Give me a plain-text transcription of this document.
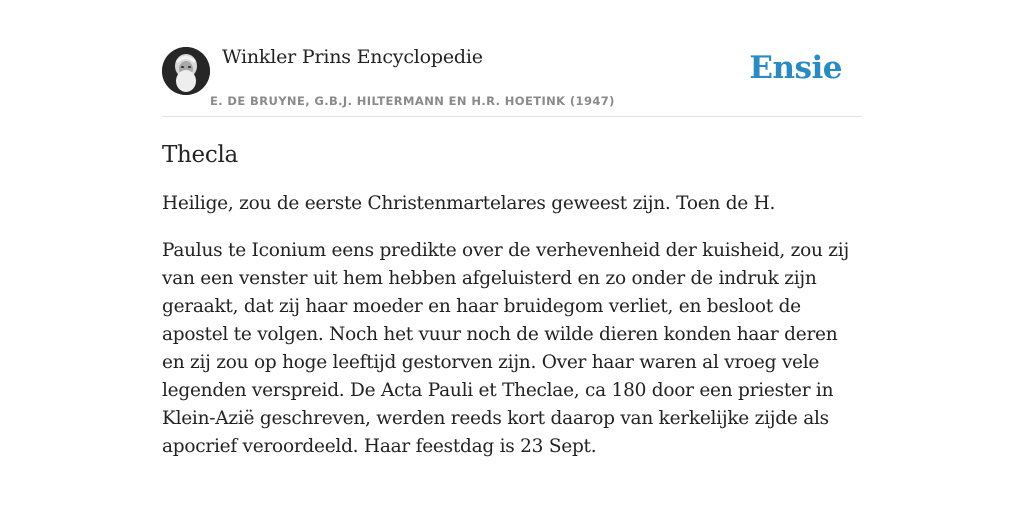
Winkler Prins Encyclopedie
E. DE BRUYNE, G.B.J. HILTERMANN EN H.R. HOETINK (1947)
Ensie
Thecla

Heilige, zou de eerste Christenmartelares geweest zijn. Toen de H.

Paulus te Iconium eens predikte over de verhevenheid der kuisheid, zou zij van een venster uit hem hebben afgeluisterd en zo onder de indruk zijn geraakt, dat zij haar moeder en haar bruidegom verliet, en besloot de apostel te volgen. Noch het vuur noch de wilde dieren konden haar deren en zij zou op hoge leeftijd gestorven zijn. Over haar waren al vroeg vele legenden verspreid. De Acta Pauli et Theclae, ca 180 door een priester in Klein-Azië geschreven, werden reeds kort daarop van kerkelijke zijde als apocrief veroordeeld. Haar feestdag is 23 Sept.
